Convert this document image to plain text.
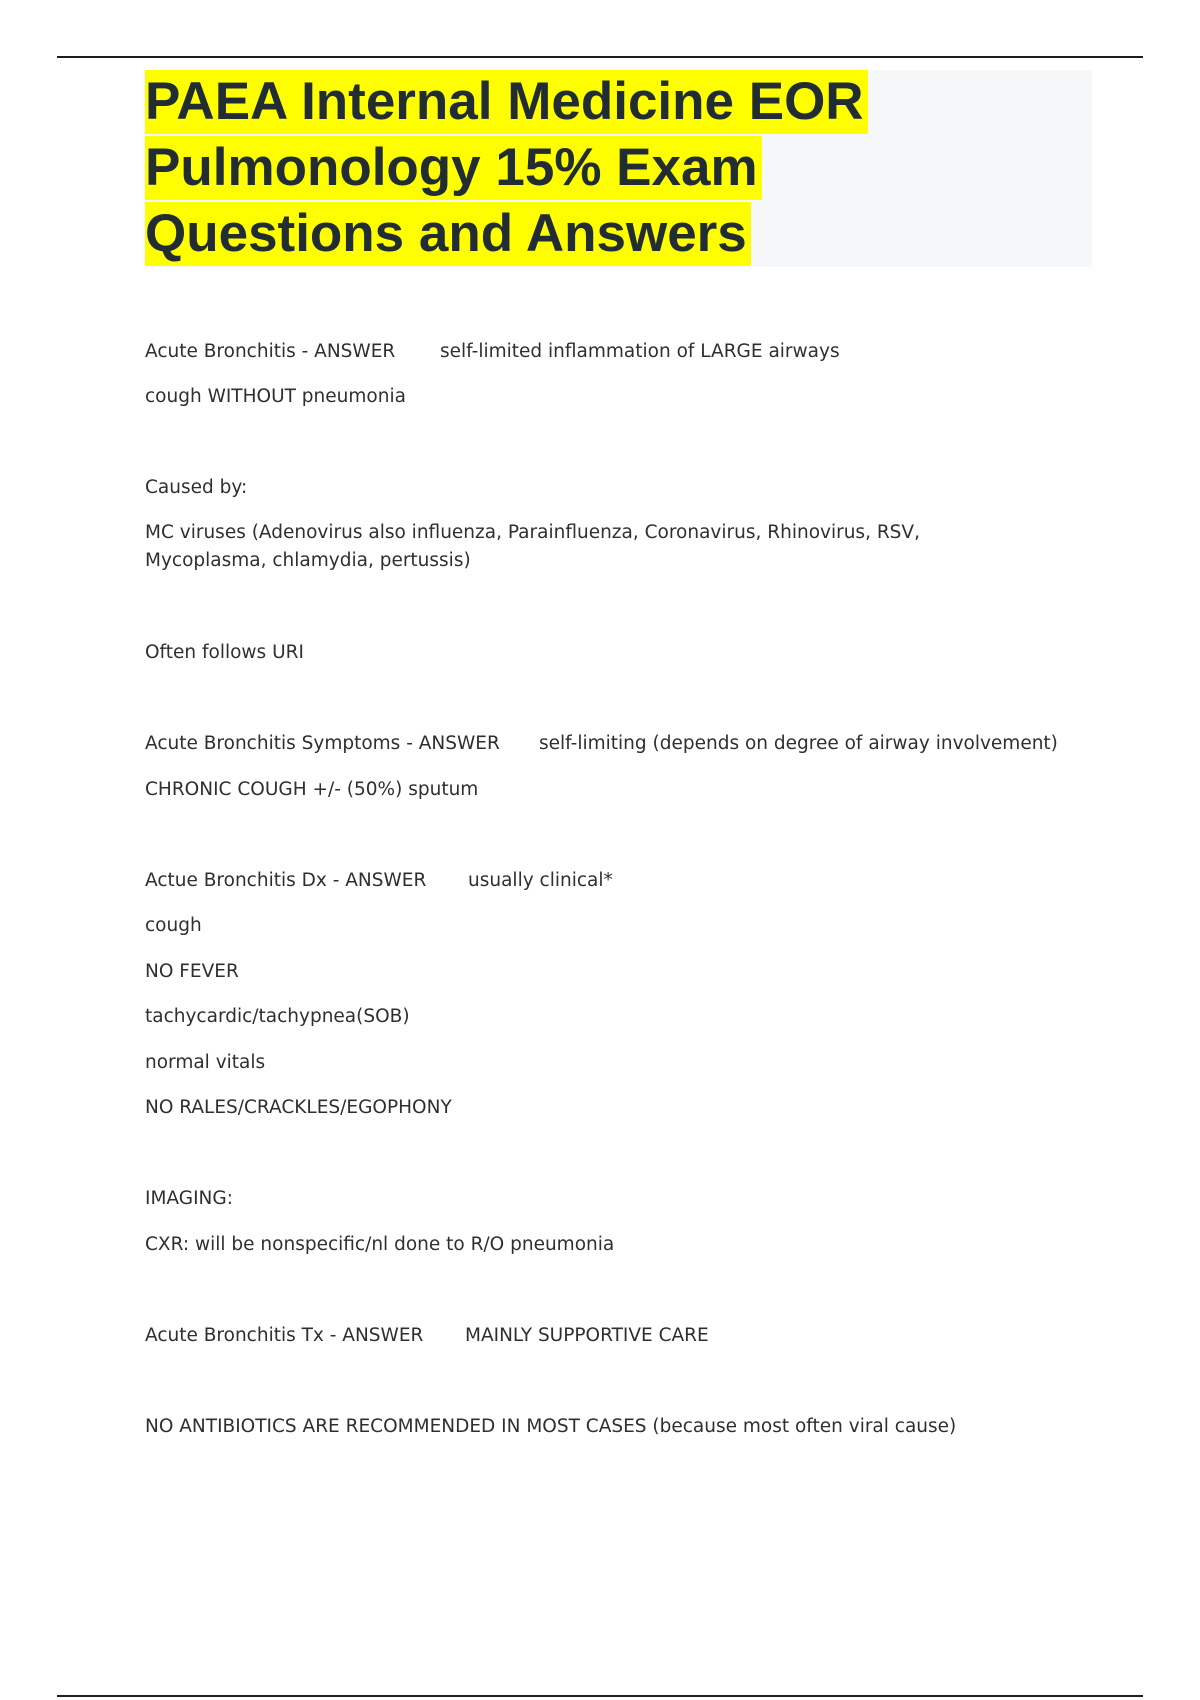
PAEA Internal Medicine EOR
Pulmonology 15% Exam
Questions and Answers
Acute Bronchitis - ANSWER self-limited inflammation of LARGE airways
cough WITHOUT pneumonia
Caused by:
MC viruses (Adenovirus also influenza, Parainfluenza, Coronavirus, Rhinovirus, RSV, Mycoplasma, chlamydia, pertussis)
Often follows URI
Acute Bronchitis Symptoms - ANSWER self-limiting (depends on degree of airway involvement)
CHRONIC COUGH +/- (50%) sputum
Actue Bronchitis Dx - ANSWER usually clinical*
cough
NO FEVER
tachycardic/tachypnea(SOB)
normal vitals
NO RALES/CRACKLES/EGOPHONY
IMAGING:
CXR: will be nonspecific/nl done to R/O pneumonia
Acute Bronchitis Tx - ANSWER MAINLY SUPPORTIVE CARE
NO ANTIBIOTICS ARE RECOMMENDED IN MOST CASES (because most often viral cause)
